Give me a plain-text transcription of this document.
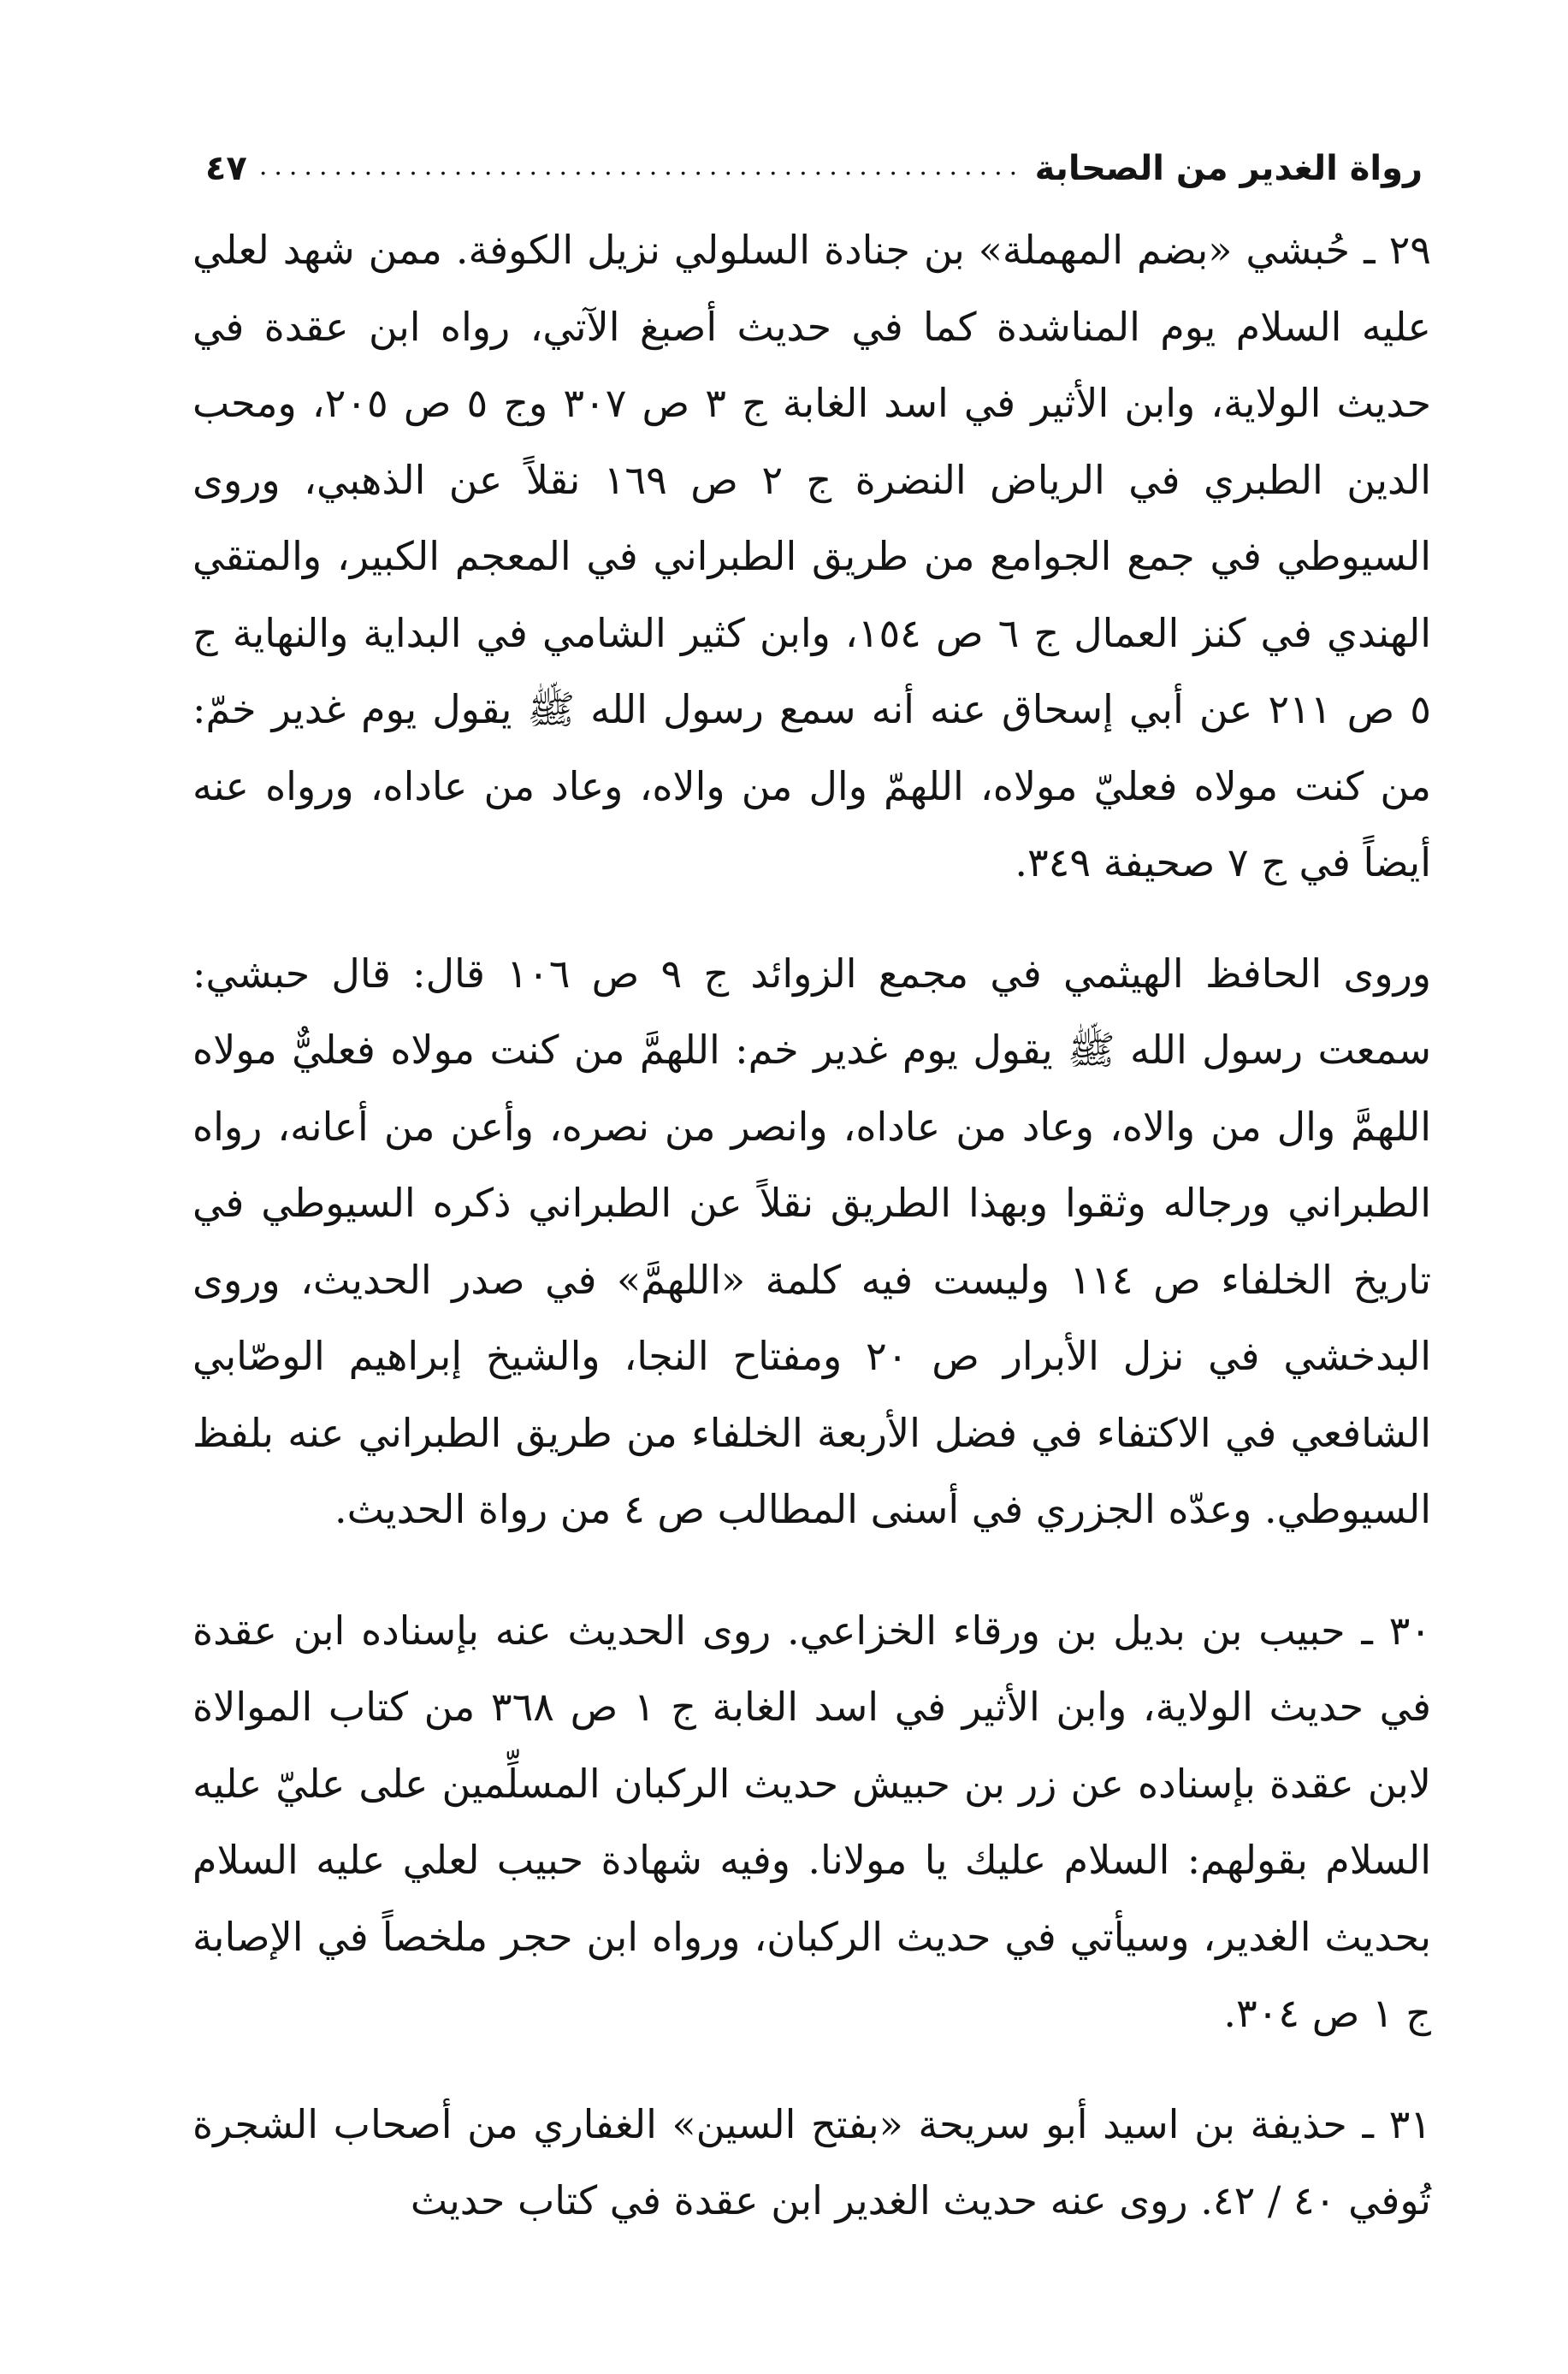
رواة الغدير من الصحابة
.....
٤٧

٢٩ ـ حُبشي «بضم المهملة» بن جنادة السلولي نزيل الكوفة. ممن شهد لعلي عليه السلام يوم المناشدة كما في حديث أصبغ الآتي، رواه ابن عقدة في حديث الولاية، وابن الأثير في اسد الغابة ج ٣ ص ٣٠٧ وج ٥ ص ٢٠٥، ومحب الدين الطبري في الرياض النضرة ج ٢ ص ١٦٩ نقلاً عن الذهبي، وروى السيوطي في جمع الجوامع من طريق الطبراني في المعجم الكبير، والمتقي الهندي في كنز العمال ج ٦ ص ١٥٤، وابن كثير الشامي في البداية والنهاية ج ٥ ص ٢١١ عن أبي إسحاق عنه أنه سمع رسول الله ﷺ يقول يوم غدير خمّ: من كنت مولاه فعليّ مولاه، اللهمّ وال من والاه، وعاد من عاداه، ورواه عنه أيضاً في ج ٧ صحيفة ٣٤٩.

وروى الحافظ الهيثمي في مجمع الزوائد ج ٩ ص ١٠٦ قال: قال حبشي: سمعت رسول الله ﷺ يقول يوم غدير خم: اللهمَّ من كنت مولاه فعليٌّ مولاه اللهمَّ وال من والاه، وعاد من عاداه، وانصر من نصره، وأعن من أعانه، رواه الطبراني ورجاله وثقوا وبهذا الطريق نقلاً عن الطبراني ذكره السيوطي في تاريخ الخلفاء ص ١١٤ وليست فيه كلمة «اللهمَّ» في صدر الحديث، وروى البدخشي في نزل الأبرار ص ٢٠ ومفتاح النجا، والشيخ إبراهيم الوصّابي الشافعي في الاكتفاء في فضل الأربعة الخلفاء من طريق الطبراني عنه بلفظ السيوطي. وعدّه الجزري في أسنى المطالب ص ٤ من رواة الحديث.

٣٠ ـ حبيب بن بديل بن ورقاء الخزاعي. روى الحديث عنه بإسناده ابن عقدة في حديث الولاية، وابن الأثير في اسد الغابة ج ١ ص ٣٦٨ من كتاب الموالاة لابن عقدة بإسناده عن زر بن حبيش حديث الركبان المسلِّمين على عليّ عليه السلام بقولهم: السلام عليك يا مولانا. وفيه شهادة حبيب لعلي عليه السلام بحديث الغدير، وسيأتي في حديث الركبان، ورواه ابن حجر ملخصاً في الإصابة ج ١ ص ٣٠٤.

٣١ ـ حذيفة بن اسيد أبو سريحة «بفتح السين» الغفاري من أصحاب الشجرة تُوفي ٤٠ / ٤٢. روى عنه حديث الغدير ابن عقدة في كتاب حديث
